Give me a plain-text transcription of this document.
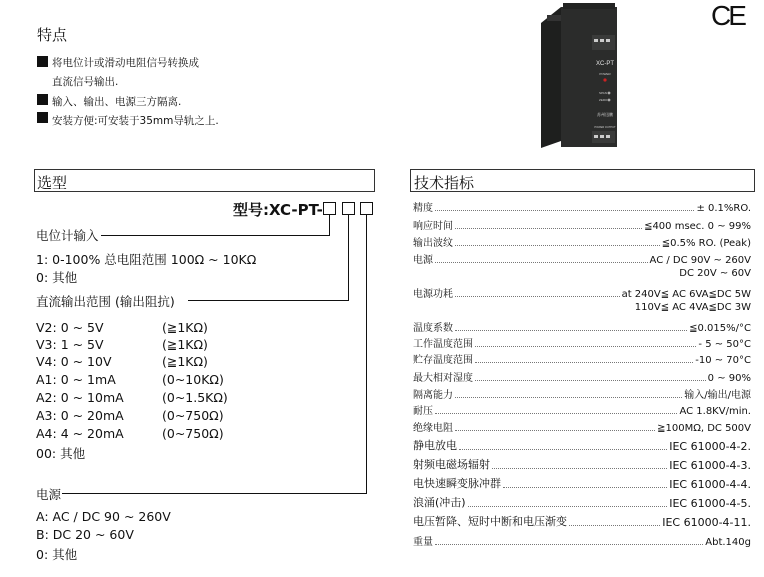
CE
XC-PT
POWER
SPAN
ZERO
苏州迅鹏
POWER OUTPUT
特点
将电位计或滑动电阻信号转换成
直流信号输出.
输入、输出、电源三方隔离.
安装方便:可安装于35mm导轨之上.
选型	技术指标
型号:XC-PT-
电位计输入
1: 0-100% 总电阻范围 100Ω ~ 10KΩ
0: 其他
直流输出范围 (输出阻抗)
V2: 0 ~ 5V	(≧1KΩ)
V3: 1 ~ 5V	(≧1KΩ)
V4: 0 ~ 10V	(≧1KΩ)
A1: 0 ~ 1mA	(0~10KΩ)
A2: 0 ~ 10mA	(0~1.5KΩ)
A3: 0 ~ 20mA	(0~750Ω)
A4: 4 ~ 20mA	(0~750Ω)
00: 其他
电源
A: AC / DC 90 ~ 260V
B: DC 20 ~ 60V
0: 其他
精度	± 0.1%RO.
响应时间	≦400 msec. 0 ~ 99%
输出波纹	≦0.5% RO. (Peak)
电源	AC / DC 90V ~ 260V
DC 20V ~ 60V
电源功耗	at 240V≦ AC 6VA≦DC 5W
110V≦ AC 4VA≦DC 3W
温度系数	≦0.015%/°C
工作温度范围	- 5 ~ 50°C
贮存温度范围	-10 ~ 70°C
最大相对湿度	0 ~ 90%
隔离能力	输入/输出/电源
耐压	AC 1.8KV/min.
绝缘电阻	≧100MΩ, DC 500V
静电放电	IEC 61000-4-2.
射频电磁场辐射	IEC 61000-4-3.
电快速瞬变脉冲群	IEC 61000-4-4.
浪涌(冲击)	IEC 61000-4-5.
电压暂降、短时中断和电压渐变	IEC 61000-4-11.
重量	Abt.140g
